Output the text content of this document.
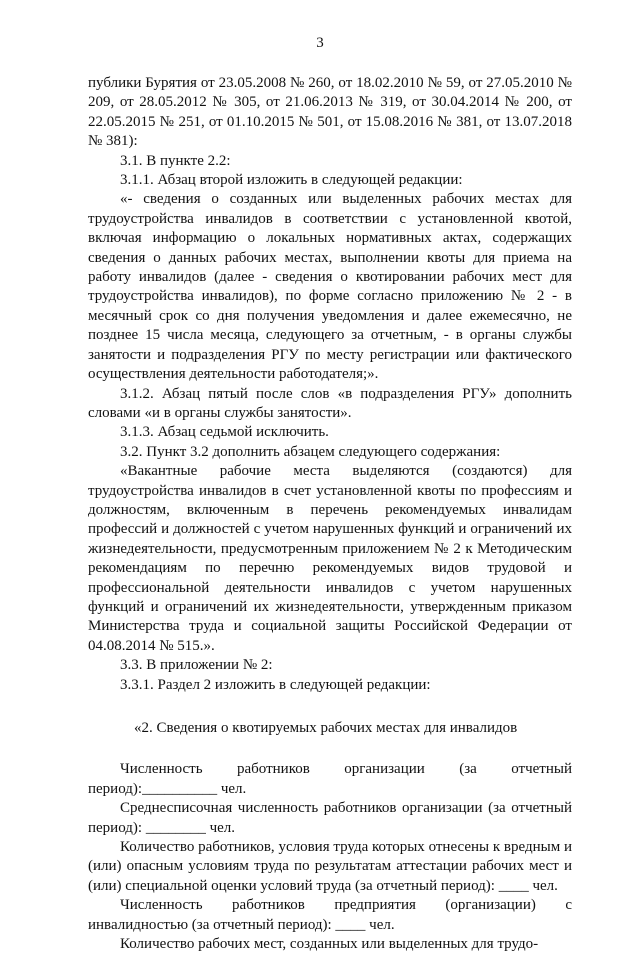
3

публики Бурятия от 23.05.2008 № 260, от 18.02.2010 № 59, от 27.05.2010 № 209, от 28.05.2012 № 305, от 21.06.2013 № 319, от 30.04.2014 № 200, от 22.05.2015 № 251, от 01.10.2015 № 501, от 15.08.2016 № 381, от 13.07.2018 № 381):

3.1. В пункте 2.2:

3.1.1. Абзац второй изложить в следующей редакции:

«- сведения о созданных или выделенных рабочих местах для трудоустройства инвалидов в соответствии с установленной квотой, включая информацию о локальных нормативных актах, содержащих сведения о данных рабочих местах, выполнении квоты для приема на работу инвалидов (далее - сведения о квотировании рабочих мест для трудоустройства инвалидов), по форме согласно приложению № 2 - в месячный срок со дня получения уведомления и далее ежемесячно, не позднее 15 числа месяца, следующего за отчетным, - в органы службы занятости и подразделения РГУ по месту регистрации или фактического осуществления деятельности работодателя;».

3.1.2. Абзац пятый после слов «в подразделения РГУ» дополнить словами «и в органы службы занятости».

3.1.3. Абзац седьмой исключить.

3.2. Пункт 3.2 дополнить абзацем следующего содержания:

«Вакантные рабочие места выделяются (создаются) для трудоустройства инвалидов в счет установленной квоты по профессиям и должностям, включенным в перечень рекомендуемых инвалидам профессий и должностей с учетом нарушенных функций и ограничений их жизнедеятельности, предусмотренным приложением № 2 к Методическим рекомендациям по перечню рекомендуемых видов трудовой и профессиональной деятельности инвалидов с учетом нарушенных функций и ограничений их жизнедеятельности, утвержденным приказом Министерства труда и социальной защиты Российской Федерации от 04.08.2014 № 515.».

3.3. В приложении № 2:

3.3.1. Раздел 2 изложить в следующей редакции:

«2. Сведения о квотируемых рабочих местах для инвалидов

Численность работников организации (за отчетный период):__________ чел.

Среднесписочная численность работников организации (за отчетный период): ________ чел.

Количество работников, условия труда которых отнесены к вредным и (или) опасным условиям труда по результатам аттестации рабочих мест и (или) специальной оценки условий труда (за отчетный период): ____ чел.

Численность работников предприятия (организации) с инвалидностью (за отчетный период): ____ чел.

Количество рабочих мест, созданных или выделенных для трудо-
